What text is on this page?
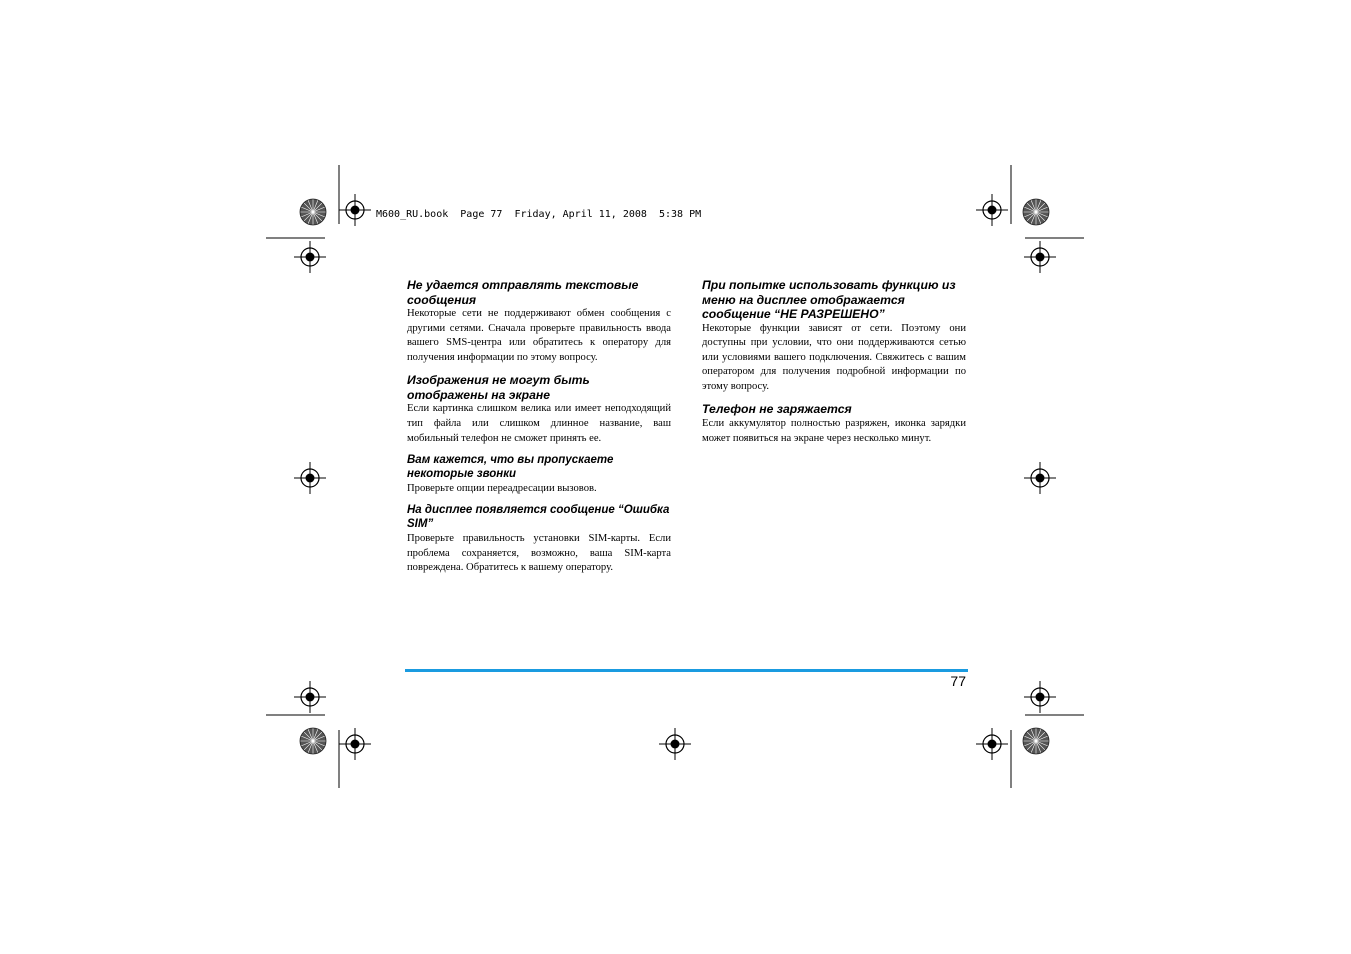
M600_RU.book  Page 77  Friday, April 11, 2008  5:38 PM

Не удается отправлять текстовые сообщения

Некоторые сети не поддерживают обмен сообщения с другими сетями. Сначала проверьте правильность ввода вашего SMS-центра или обратитесь к оператору для получения информации по этому вопросу.

Изображения не могут быть отображены на экране

Если картинка слишком велика или имеет неподходящий тип файла или слишком длинное название, ваш мобильный телефон не сможет принять ее.

Вам кажется, что вы пропускаете некоторые звонки

Проверьте опции переадресации вызовов.

На дисплее появляется сообщение “Ошибка SIM”

Проверьте правильность установки SIM-карты. Если проблема сохраняется, возможно, ваша SIM-карта повреждена. Обратитесь к вашему оператору.

При попытке использовать функцию из меню на дисплее отображается сообщение “НЕ РАЗРЕШЕНО”

Некоторые функции зависят от сети. Поэтому они доступны при условии, что они поддерживаются сетью или условиями вашего подключения. Свяжитесь с вашим оператором для получения подробной информации по этому вопросу.

Телефон не заряжается

Если аккумулятор полностью разряжен, иконка зарядки может появиться на экране через несколько минут.

77
